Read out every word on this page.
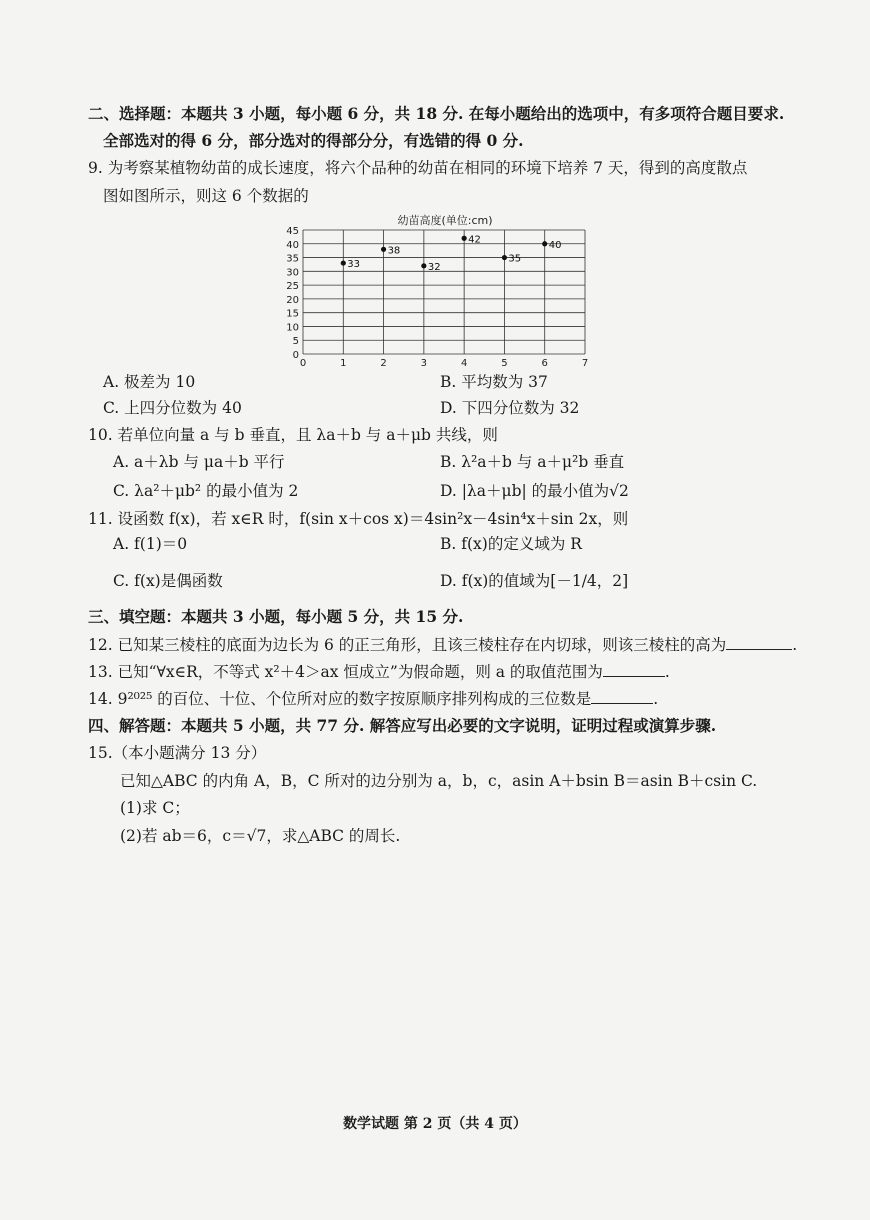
二、选择题：本题共 3 小题，每小题 6 分，共 18 分. 在每小题给出的选项中，有多项符合题目要求.
全部选对的得 6 分，部分选对的得部分分，有选错的得 0 分.
9. 为考察某植物幼苗的成长速度，将六个品种的幼苗在相同的环境下培养 7 天，得到的高度散点
图如图所示，则这 6 个数据的
幼苗高度(单位:cm)
0
5
10
15
20
25
30
35
40
45
0	1	2	3	4	5	6	7
33
38
32
42
35
40
A. 极差为 10	B. 平均数为 37
C. 上四分位数为 40	D. 下四分位数为 32
10. 若单位向量 a 与 b 垂直，且 λa＋b 与 a＋μb 共线，则
A. a＋λb 与 μa＋b 平行	B. λ²a＋b 与 a＋μ²b 垂直
C. λa²＋μb² 的最小值为 2	D. |λa＋μb| 的最小值为√2
11. 设函数 f(x)，若 x∈R 时，f(sin x＋cos x)＝4sin²x－4sin⁴x＋sin 2x，则
A. f(1)＝0	B. f(x)的定义域为 R
C. f(x)是偶函数	D. f(x)的值域为[－1/4，2]
三、填空题：本题共 3 小题，每小题 5 分，共 15 分.
12. 已知某三棱柱的底面为边长为 6 的正三角形，且该三棱柱存在内切球，则该三棱柱的高为	.
13. 已知“∀x∈R，不等式 x²＋4＞ax 恒成立”为假命题，则 a 的取值范围为	.
14. 9²⁰²⁵ 的百位、十位、个位所对应的数字按原顺序排列构成的三位数是	.
四、解答题：本题共 5 小题，共 77 分. 解答应写出必要的文字说明，证明过程或演算步骤.
15.（本小题满分 13 分）
已知△ABC 的内角 A，B，C 所对的边分别为 a，b，c，asin A＋bsin B＝asin B＋csin C.
(1)求 C；
(2)若 ab＝6，c＝√7，求△ABC 的周长.
数学试题 第 2 页（共 4 页）
